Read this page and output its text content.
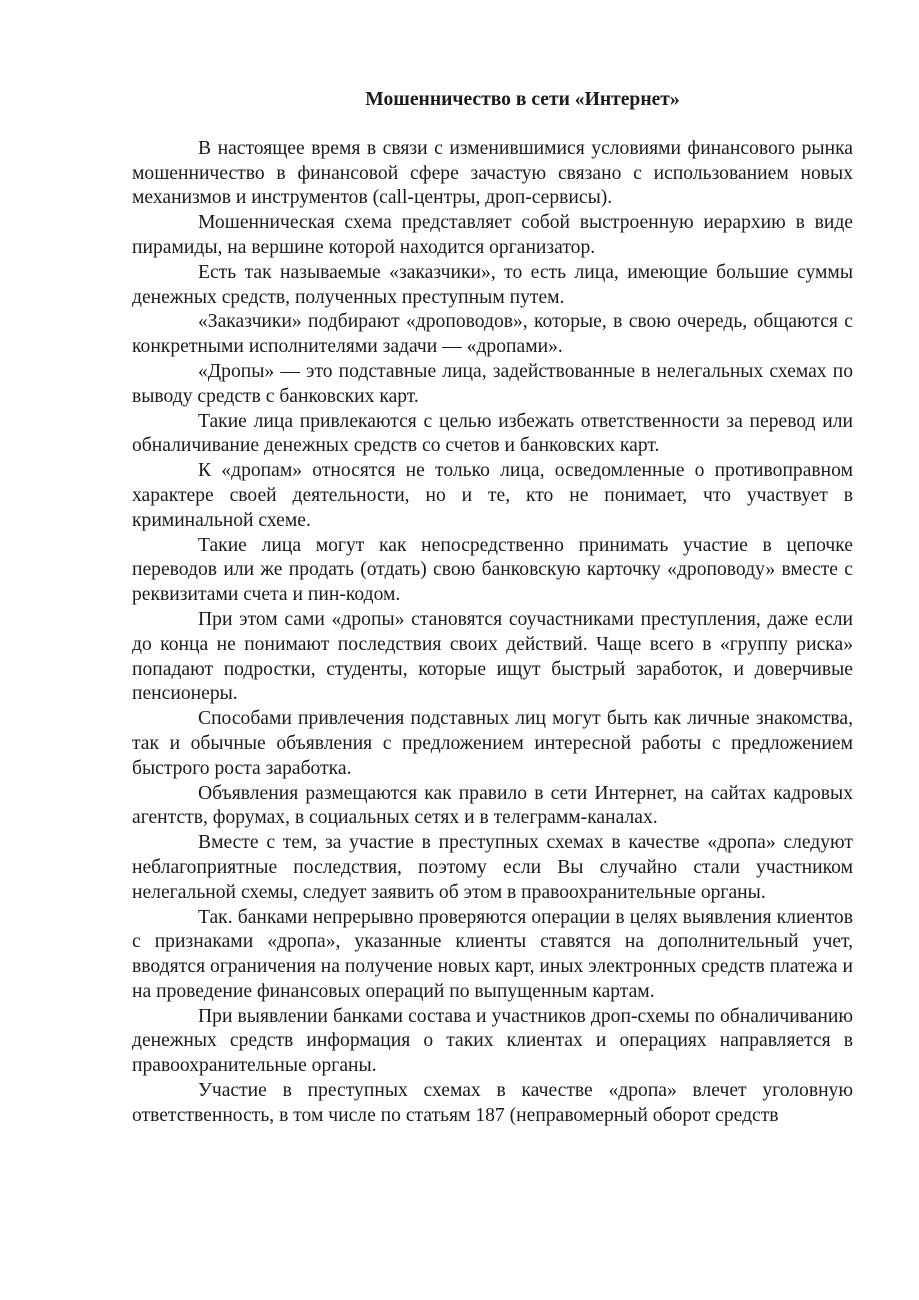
Мошенничество в сети «Интернет»

В настоящее время в связи с изменившимися условиями финансового рынка мошенничество в финансовой сфере зачастую связано с использованием новых механизмов и инструментов (call-центры, дроп-сервисы).

Мошенническая схема представляет собой выстроенную иерархию в виде пирамиды, на вершине которой находится организатор.

Есть так называемые «заказчики», то есть лица, имеющие большие суммы денежных средств, полученных преступным путем.

«Заказчики» подбирают «дроповодов», которые, в свою очередь, общаются с конкретными исполнителями задачи — «дропами».

«Дропы» — это подставные лица, задействованные в нелегальных схемах по выводу средств с банковских карт.

Такие лица привлекаются с целью избежать ответственности за перевод или обналичивание денежных средств со счетов и банковских карт.

К «дропам» относятся не только лица, осведомленные о противоправном характере своей деятельности, но и те, кто не понимает, что участвует в криминальной схеме.

Такие лица могут как непосредственно принимать участие в цепочке переводов или же продать (отдать) свою банковскую карточку «дроповоду» вместе с реквизитами счета и пин-кодом.

При этом сами «дропы» становятся соучастниками преступления, даже если до конца не понимают последствия своих действий. Чаще всего в «группу риска» попадают подростки, студенты, которые ищут быстрый заработок, и доверчивые пенсионеры.

Способами привлечения подставных лиц могут быть как личные знакомства, так и обычные объявления с предложением интересной работы с предложением быстрого роста заработка.

Объявления размещаются как правило в сети Интернет, на сайтах кадровых агентств, форумах, в социальных сетях и в телеграмм-каналах.

Вместе с тем, за участие в преступных схемах в качестве «дропа» следуют неблагоприятные последствия, поэтому если Вы случайно стали участником нелегальной схемы, следует заявить об этом в правоохранительные органы.

Так. банками непрерывно проверяются операции в целях выявления клиентов с признаками «дропа», указанные клиенты ставятся на дополнительный учет, вводятся ограничения на получение новых карт, иных электронных средств платежа и на проведение финансовых операций по выпущенным картам.

При выявлении банками состава и участников дроп-схемы по обналичиванию денежных средств информация о таких клиентах и операциях направляется в правоохранительные органы.

Участие в преступных схемах в качестве «дропа» влечет уголовную ответственность, в том числе по статьям 187 (неправомерный оборот средств
